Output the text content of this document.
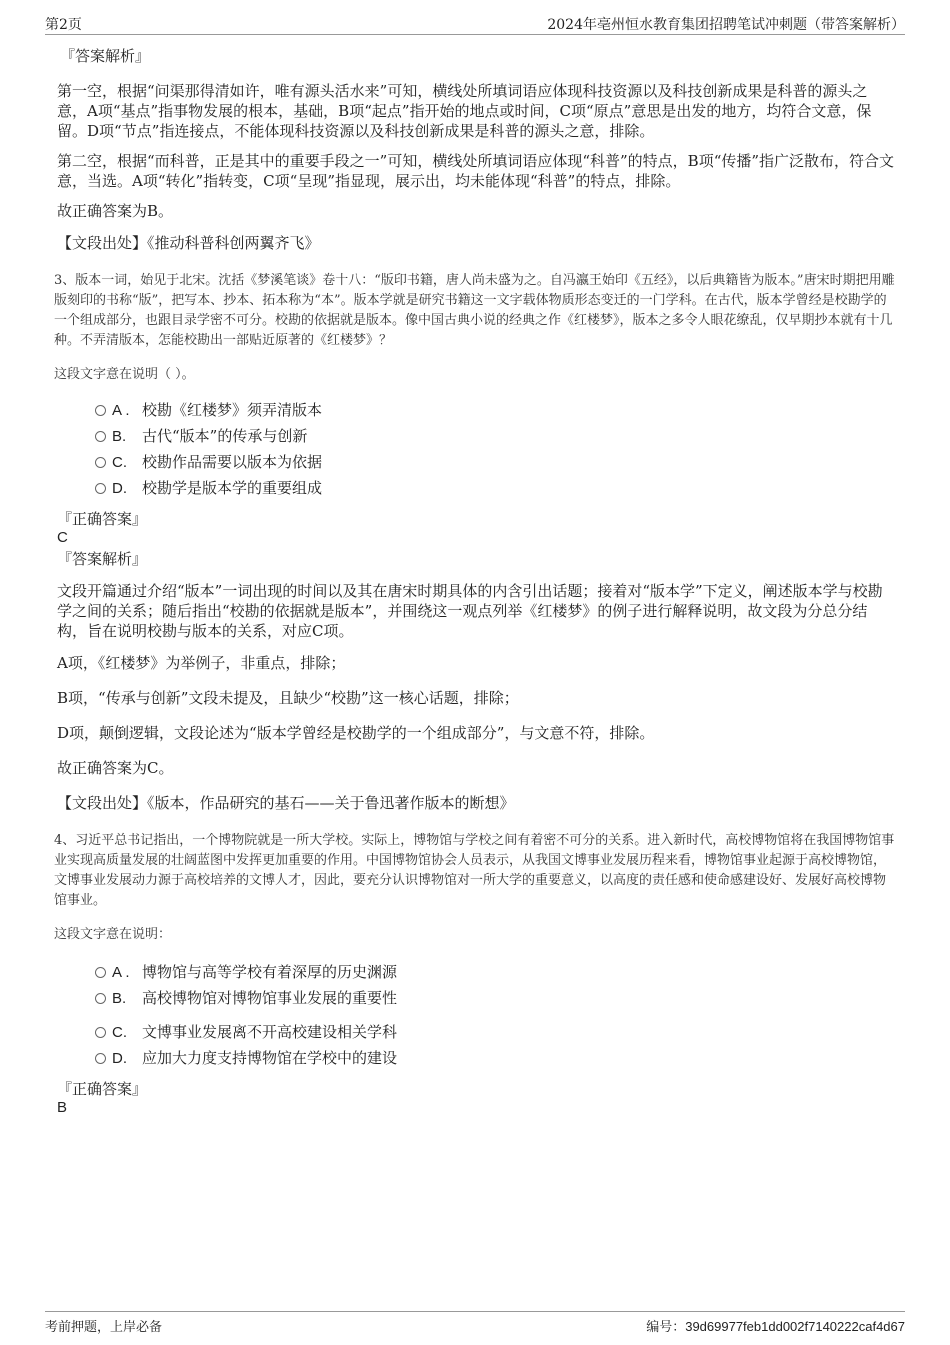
第2页	2024年亳州恒水教育集团招聘笔试冲刺题（带答案解析）

『答案解析』

第一空，根据“问渠那得清如许，唯有源头活水来”可知，横线处所填词语应体现科技资源以及科技创新成果是科普的源头之意，A项“基点”指事物发展的根本，基础，B项“起点”指开始的地点或时间，C项“原点”意思是出发的地方，均符合文意，保留。D项“节点”指连接点，不能体现科技资源以及科技创新成果是科普的源头之意，排除。

第二空，根据“而科普，正是其中的重要手段之一”可知，横线处所填词语应体现“科普”的特点，B项“传播”指广泛散布，符合文意，当选。A项“转化”指转变，C项“呈现”指显现，展示出，均未能体现“科普”的特点，排除。

故正确答案为B。

【文段出处】《推动科普科创两翼齐飞》

3、版本一词，始见于北宋。沈括《梦溪笔谈》卷十八：“版印书籍，唐人尚未盛为之。自冯瀛王始印《五经》，以后典籍皆为版本。”唐宋时期把用雕版刻印的书称“版”，把写本、抄本、拓本称为“本”。版本学就是研究书籍这一文字载体物质形态变迁的一门学科。在古代，版本学曾经是校勘学的一个组成部分，也跟目录学密不可分。校勘的依据就是版本。像中国古典小说的经典之作《红楼梦》，版本之多令人眼花缭乱，仅早期抄本就有十几种。不弄清版本，怎能校勘出一部贴近原著的《红楼梦》？

这段文字意在说明（ ）。

A . 校勘《红楼梦》须弄清版本
B. 古代“版本”的传承与创新
C. 校勘作品需要以版本为依据
D. 校勘学是版本学的重要组成

『正确答案』

C

『答案解析』

文段开篇通过介绍“版本”一词出现的时间以及其在唐宋时期具体的内含引出话题；接着对“版本学”下定义，阐述版本学与校勘学之间的关系；随后指出“校勘的依据就是版本”，并围绕这一观点列举《红楼梦》的例子进行解释说明，故文段为分总分结构，旨在说明校勘与版本的关系，对应C项。

A项，《红楼梦》为举例子，非重点，排除；

B项，“传承与创新”文段未提及，且缺少“校勘”这一核心话题，排除；

D项，颠倒逻辑，文段论述为“版本学曾经是校勘学的一个组成部分”，与文意不符，排除。

故正确答案为C。

【文段出处】《版本，作品研究的基石——关于鲁迅著作版本的断想》

4、习近平总书记指出，一个博物院就是一所大学校。实际上，博物馆与学校之间有着密不可分的关系。进入新时代，高校博物馆将在我国博物馆事业实现高质量发展的壮阔蓝图中发挥更加重要的作用。中国博物馆协会人员表示，从我国文博事业发展历程来看，博物馆事业起源于高校博物馆，文博事业发展动力源于高校培养的文博人才，因此，要充分认识博物馆对一所大学的重要意义，以高度的责任感和使命感建设好、发展好高校博物馆事业。

这段文字意在说明：

A . 博物馆与高等学校有着深厚的历史渊源
B. 高校博物馆对博物馆事业发展的重要性
C. 文博事业发展离不开高校建设相关学科
D. 应加大力度支持博物馆在学校中的建设

『正确答案』

B

考前押题，上岸必备	编号：39d69977feb1dd002f7140222caf4d67
